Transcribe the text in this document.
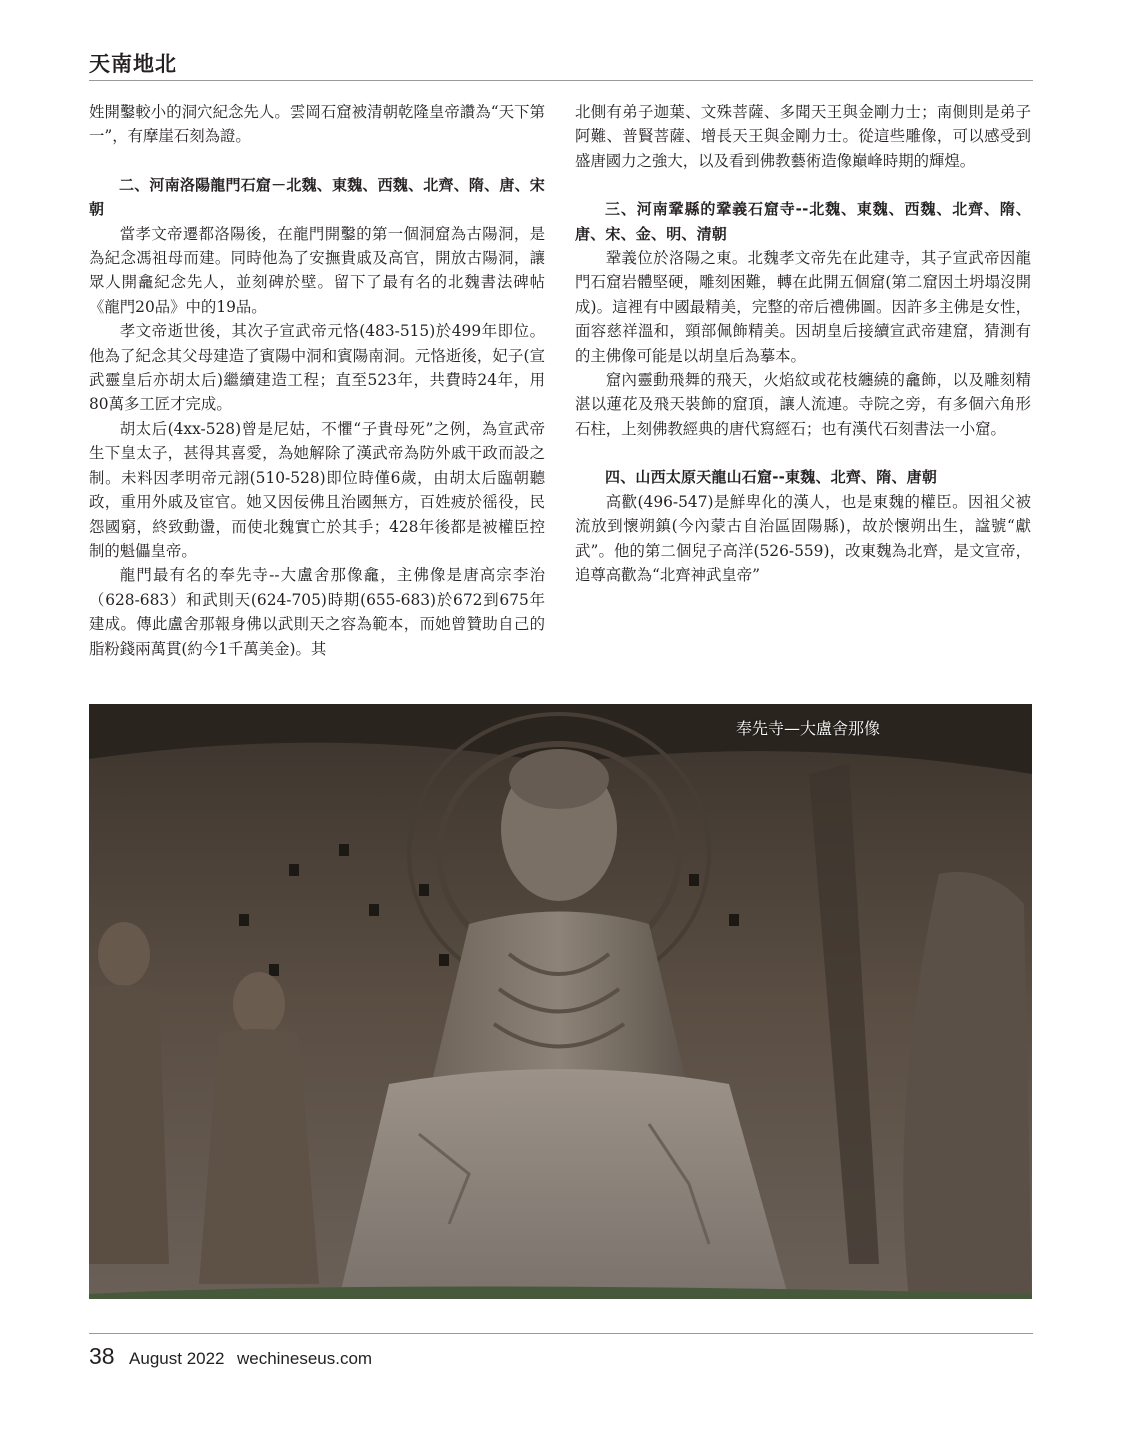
天南地北

姓開鑿較小的洞穴紀念先人。雲岡石窟被清朝乾隆皇帝讚為“天下第一”，有摩崖石刻為證。

二、河南洛陽龍門石窟－北魏、東魏、西魏、北齊、隋、唐、宋朝

當孝文帝遷都洛陽後，在龍門開鑿的第一個洞窟為古陽洞，是為紀念馮祖母而建。同時他為了安撫貴戚及高官，開放古陽洞，讓眾人開龕紀念先人，並刻碑於壁。留下了最有名的北魏書法碑帖《龍門20品》中的19品。

孝文帝逝世後，其次子宣武帝元恪(483-515)於499年即位。他為了紀念其父母建造了賓陽中洞和賓陽南洞。元恪逝後，妃子(宣武靈皇后亦胡太后)繼續建造工程；直至523年，共費時24年，用80萬多工匠才完成。

胡太后(4xx-528)曾是尼姑，不懼“子貴母死”之例，為宣武帝生下皇太子，甚得其喜愛，為她解除了漢武帝為防外戚干政而設之制。未料因孝明帝元詡(510-528)即位時僅6歲，由胡太后臨朝聽政，重用外戚及宦官。她又因佞佛且治國無方，百姓疲於徭役，民怨國窮，終致動盪，而使北魏實亡於其手；428年後都是被權臣控制的魁儡皇帝。

龍門最有名的奉先寺--大盧舍那像龕，主佛像是唐高宗李治（628-683）和武則天(624-705)時期(655-683)於672到675年建成。傳此盧舍那報身佛以武則天之容為範本，而她曾贊助自己的脂粉錢兩萬貫(約今1千萬美金)。其

北側有弟子迦葉、文殊菩薩、多聞天王與金剛力士；南側則是弟子阿難、普賢菩薩、增長天王與金剛力士。從這些雕像，可以感受到盛唐國力之強大，以及看到佛教藝術造像巔峰時期的輝煌。

三、河南鞏縣的鞏義石窟寺--北魏、東魏、西魏、北齊、隋、唐、宋、金、明、清朝

鞏義位於洛陽之東。北魏孝文帝先在此建寺，其子宣武帝因龍門石窟岩體堅硬，雕刻困難，轉在此開五個窟(第二窟因土坍塌沒開成)。這裡有中國最精美，完整的帝后禮佛圖。因許多主佛是女性，面容慈祥溫和，頸部佩飾精美。因胡皇后接續宣武帝建窟，猜測有的主佛像可能是以胡皇后為摹本。

窟內靈動飛舞的飛天，火焰紋或花枝纏繞的龕飾，以及雕刻精湛以蓮花及飛天裝飾的窟頂，讓人流連。寺院之旁，有多個六角形石柱，上刻佛教經典的唐代寫經石；也有漢代石刻書法一小窟。

四、山西太原天龍山石窟--東魏、北齊、隋、唐朝

高歡(496-547)是鮮卑化的漢人，也是東魏的權臣。因祖父被流放到懷朔鎮(今內蒙古自治區固陽縣)，故於懷朔出生，諡號“獻武”。他的第二個兒子高洋(526-559)，改東魏為北齊，是文宣帝，追尊高歡為“北齊神武皇帝”

奉先寺—大盧舍那像
38 August 2022 wechineseus.com
